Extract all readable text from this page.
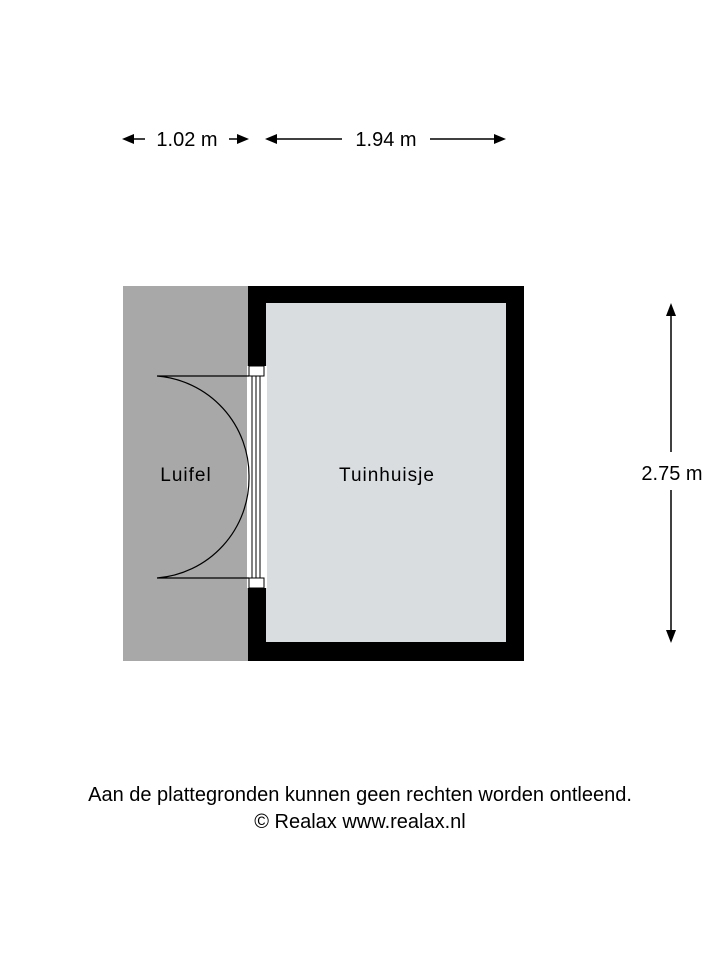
Luifel	Tuinhuisje
1.02 m	1.94 m
2.75 m

Aan de plattegronden kunnen geen rechten worden ontleend.

© Realax www.realax.nl
